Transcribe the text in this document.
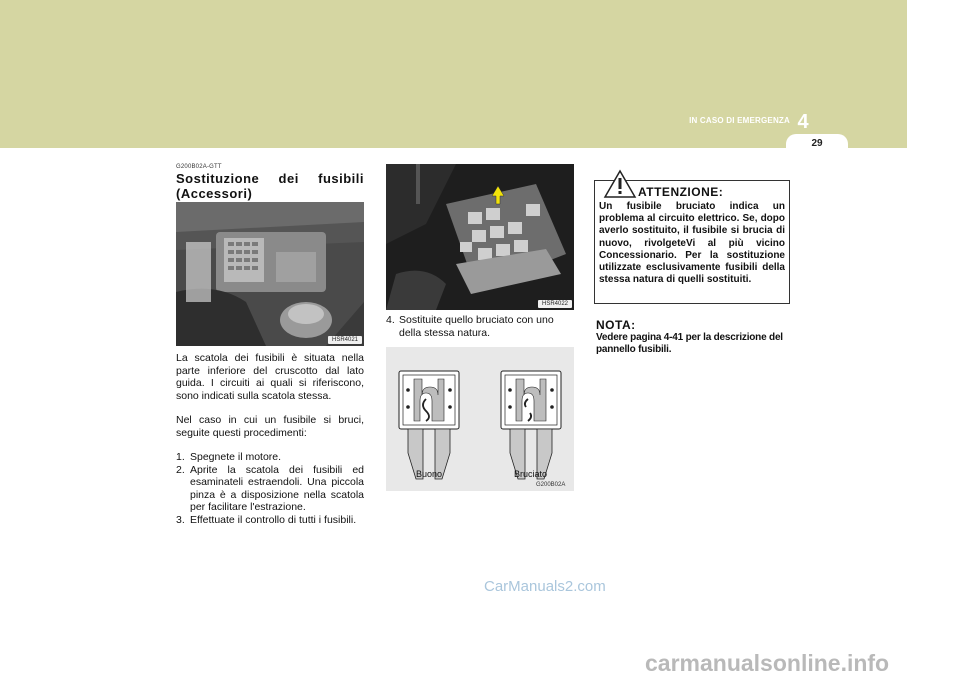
IN CASO DI EMERGENZA 4
29
G200B02A-GTT
Sostituzione dei fusibili (Accessori)
HSR4021

La scatola dei fusibili è situata nella parte inferiore del cruscotto dal lato guida. I circuiti ai quali si riferiscono, sono indicati sulla scatola stessa.

Nel caso in cui un fusibile si bruci, seguite questi procedimenti:

1. Spegnete il motore.
2. Aprite la scatola dei fusibili ed esaminateli estraendoli. Una piccola pinza è a disposizione nella scatola per facilitare l'estrazione.
3. Effettuate il controllo di tutti i fusibili.
HSR4022
4. Sostituite quello bruciato con uno della stessa natura.
Buono	Bruciato
G200B02A
ATTENZIONE:
Un fusibile bruciato indica un problema al circuito elettrico. Se, dopo averlo sostituito, il fusibile si brucia di nuovo, rivolgeteVi al più vicino Concessionario. Per la sostituzione utilizzate esclusivamente fusibili della stessa natura di quelli sostituiti.
NOTA:
Vedere pagina 4-41 per la descrizione del pannello fusibili.
CarManuals2.com
carmanualsonline.info
